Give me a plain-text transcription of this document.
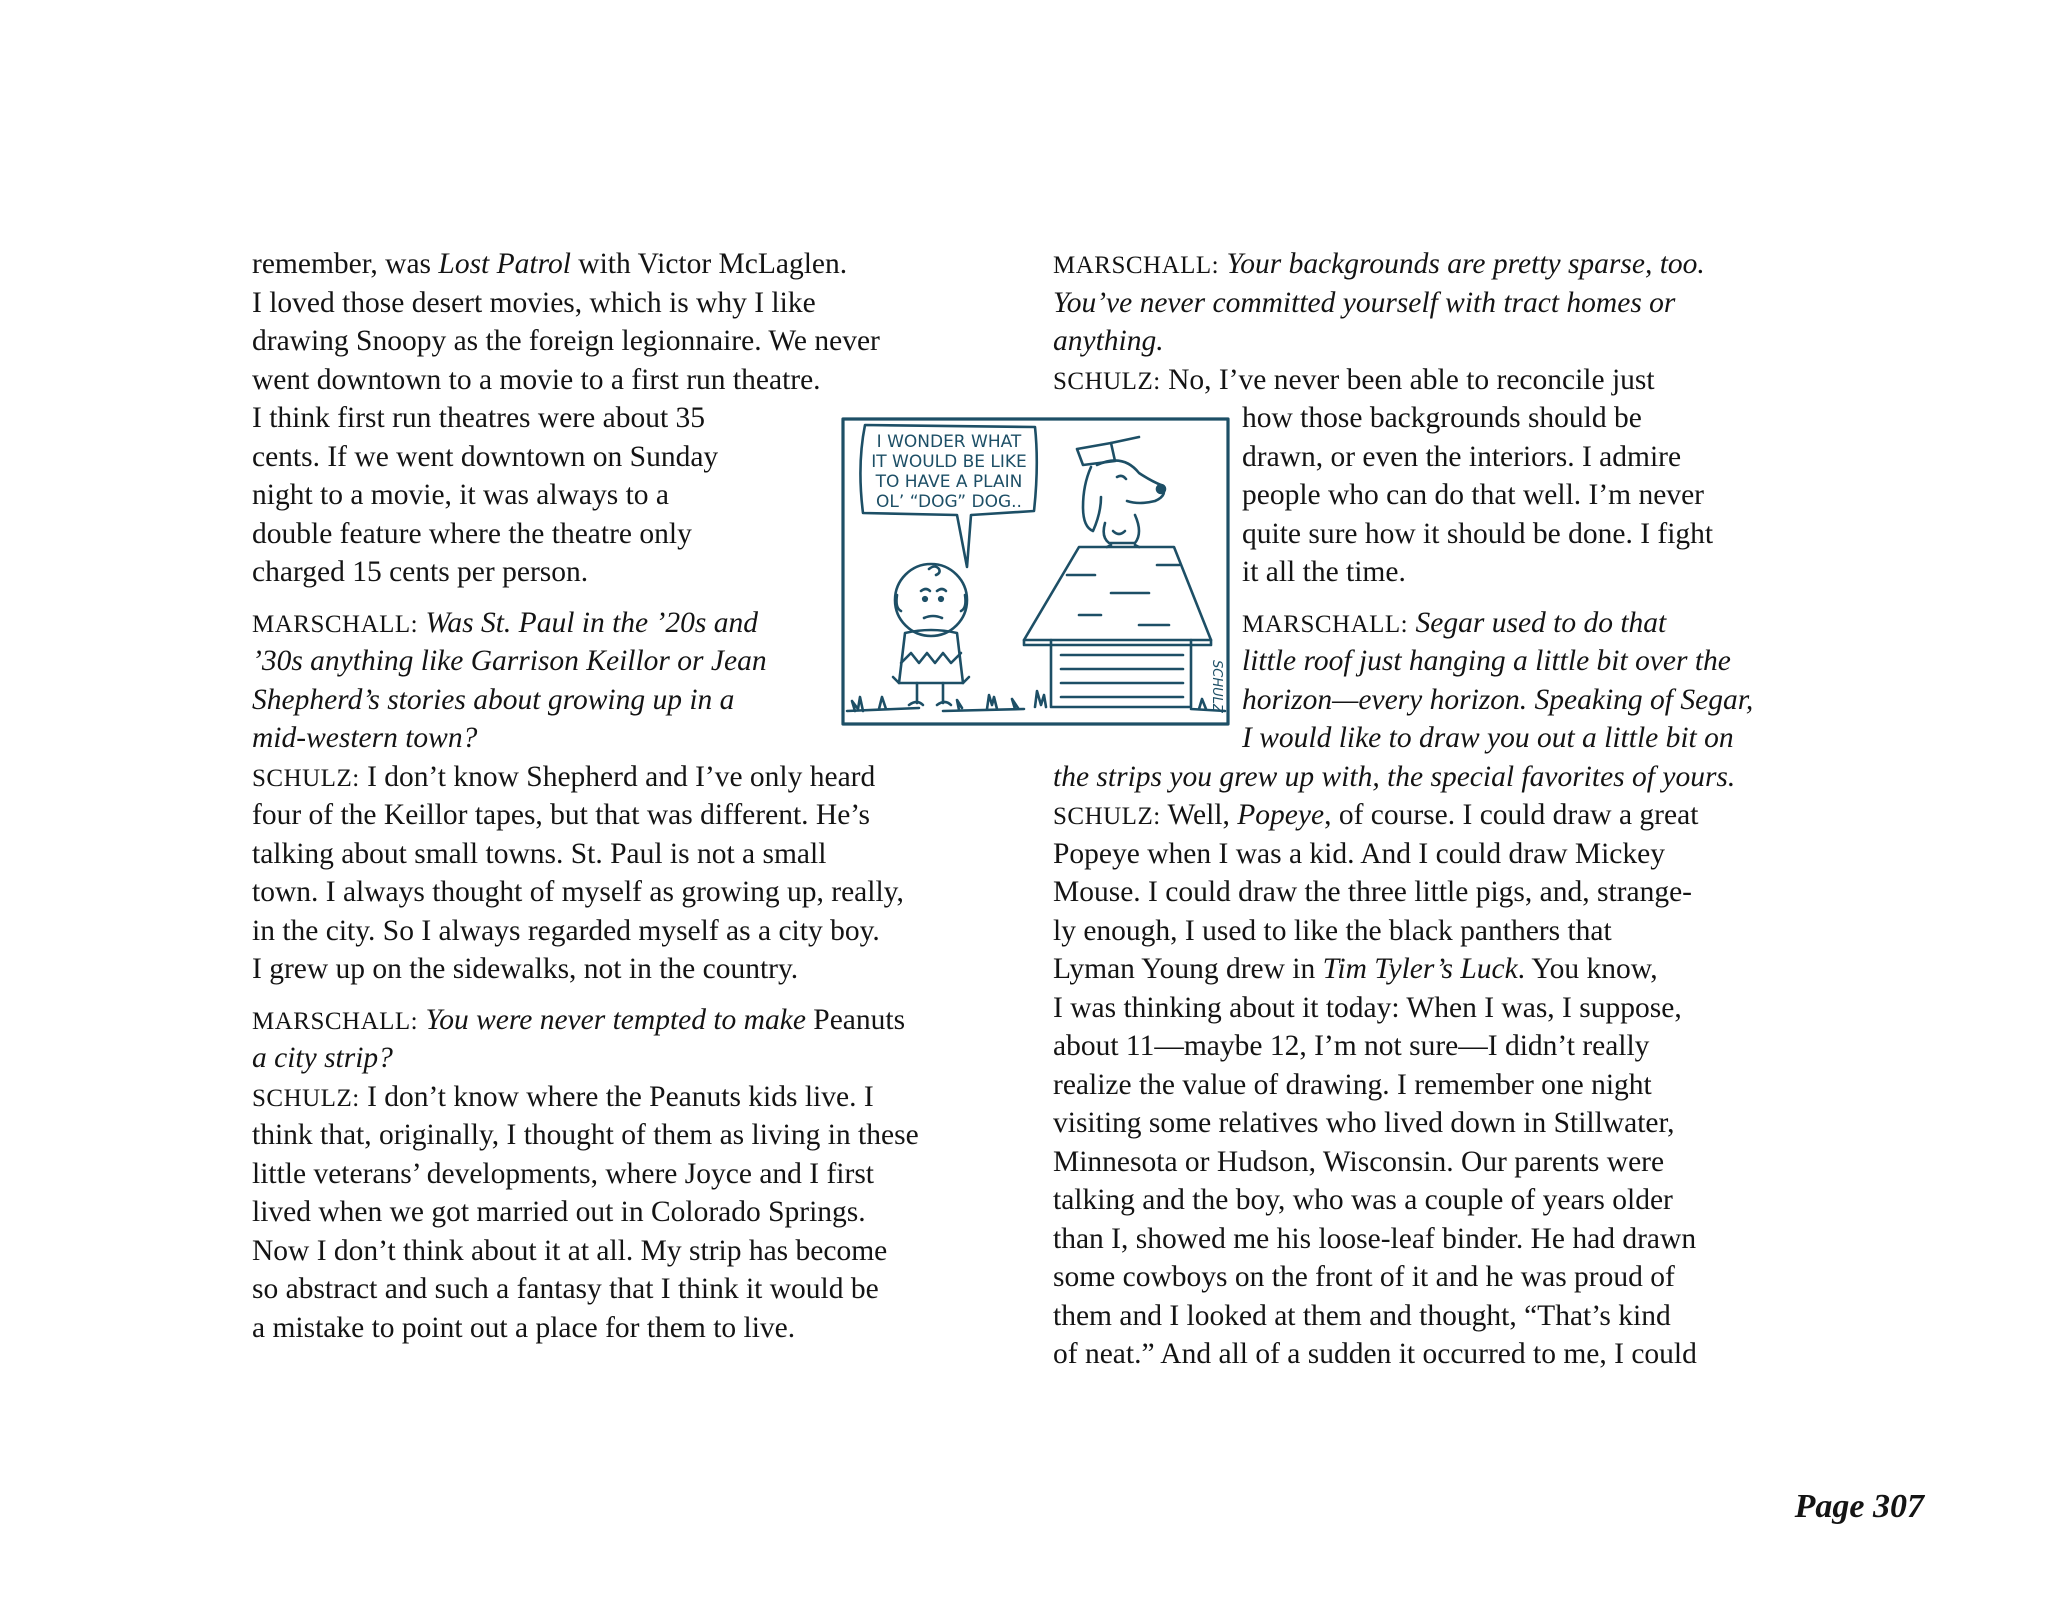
remember, was Lost Patrol with Victor McLaglen.
I loved those desert movies, which is why I like
drawing Snoopy as the foreign legionnaire. We never
went downtown to a movie to a first run theatre.
I think first run theatres were about 35
cents. If we went downtown on Sunday
night to a movie, it was always to a
double feature where the theatre only
charged 15 cents per person.
MARSCHALL: Was St. Paul in the ’20s and
’30s anything like Garrison Keillor or Jean
Shepherd’s stories about growing up in a
mid-western town?
SCHULZ: I don’t know Shepherd and I’ve only heard
four of the Keillor tapes, but that was different. He’s
talking about small towns. St. Paul is not a small
town. I always thought of myself as growing up, really,
in the city. So I always regarded myself as a city boy.
I grew up on the sidewalks, not in the country.
MARSCHALL: You were never tempted to make Peanuts
a city strip?
SCHULZ: I don’t know where the Peanuts kids live. I
think that, originally, I thought of them as living in these
little veterans’ developments, where Joyce and I first
lived when we got married out in Colorado Springs.
Now I don’t think about it at all. My strip has become
so abstract and such a fantasy that I think it would be
a mistake to point out a place for them to live.
MARSCHALL: Your backgrounds are pretty sparse, too.
You’ve never committed yourself with tract homes or
anything.
SCHULZ: No, I’ve never been able to reconcile just
how those backgrounds should be
drawn, or even the interiors. I admire
people who can do that well. I’m never
quite sure how it should be done. I fight
it all the time.
MARSCHALL: Segar used to do that
little roof just hanging a little bit over the
horizon—every horizon. Speaking of Segar,
I would like to draw you out a little bit on
the strips you grew up with, the special favorites of yours.
SCHULZ: Well, Popeye, of course. I could draw a great
Popeye when I was a kid. And I could draw Mickey
Mouse. I could draw the three little pigs, and, strange-
ly enough, I used to like the black panthers that
Lyman Young drew in Tim Tyler’s Luck. You know,
I was thinking about it today: When I was, I suppose,
about 11—maybe 12, I’m not sure—I didn’t really
realize the value of drawing. I remember one night
visiting some relatives who lived down in Stillwater,
Minnesota or Hudson, Wisconsin. Our parents were
talking and the boy, who was a couple of years older
than I, showed me his loose-leaf binder. He had drawn
some cowboys on the front of it and he was proud of
them and I looked at them and thought, “That’s kind
of neat.” And all of a sudden it occurred to me, I could
I WONDER WHAT
IT WOULD BE LIKE
TO HAVE A PLAIN
OL’ “DOG” DOG..
SCHULZ
Page 307
